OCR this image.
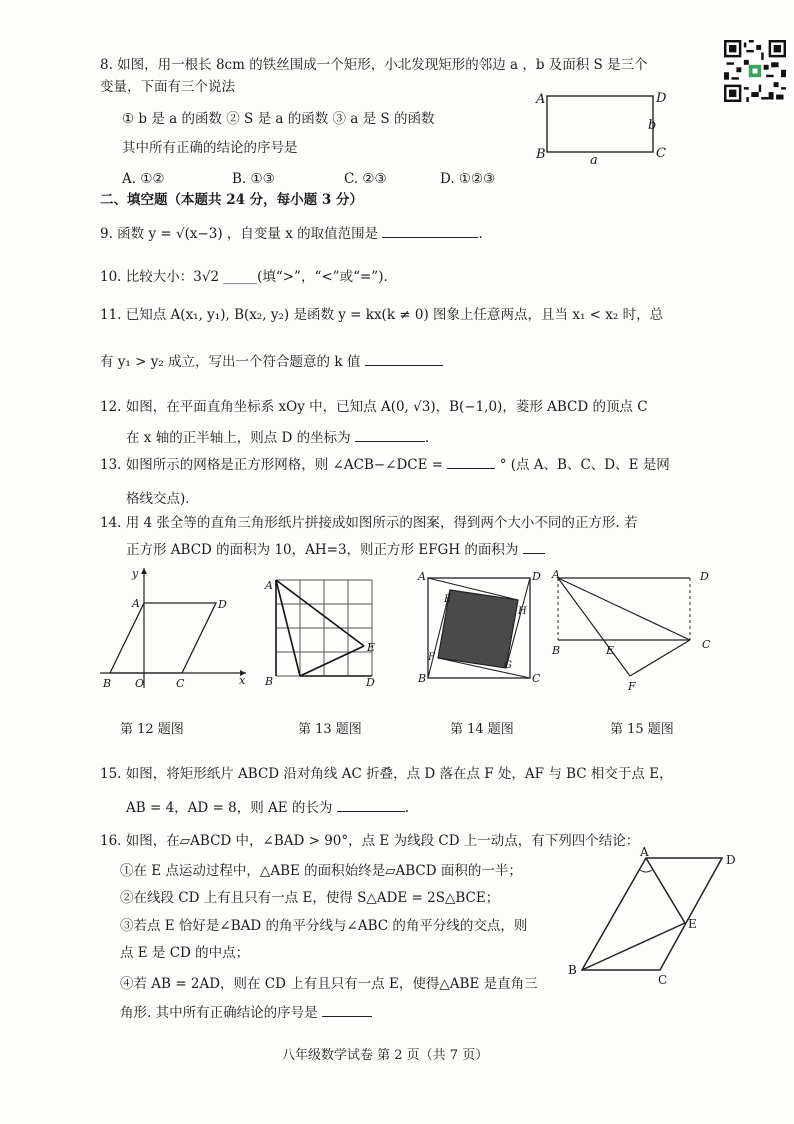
8. 如图，用一根长 8cm 的铁丝围成一个矩形，小北发现矩形的邻边 a ，b 及面积 S 是三个
变量，下面有三个说法
① b 是 a 的函数 ② S 是 a 的函数 ③ a 是 S 的函数
其中所有正确的结论的序号是
A. ①②	B. ①③	C. ②③	D. ①②③
A	D
B	C
b
a
二、填空题（本题共 24 分，每小题 3 分）
9. 函数 y = √(x−3) ，自变量 x 的取值范围是	.
10. 比较大小：3√2 _____(填“>”，“<”或“=”)．
11. 已知点 A(x₁, y₁), B(x₂, y₂) 是函数 y = kx(k ≠ 0) 图象上任意两点，且当 x₁ < x₂ 时，总
有 y₁ > y₂ 成立，写出一个符合题意的 k 值
12. 如图，在平面直角坐标系 xOy 中，已知点 A(0, √3)，B(−1,0)，菱形 ABCD 的顶点 C
在 x 轴的正半轴上，则点 D 的坐标为	.
13. 如图所示的网格是正方形网格，则 ∠ACB−∠DCE =	° (点 A、B、C、D、E 是网
格线交点)．
14. 用 4 张全等的直角三角形纸片拼接成如图所示的图案，得到两个大小不同的正方形. 若
正方形 ABCD 的面积为 10，AH=3，则正方形 EFGH 的面积为
y
x
A	D
B O	C
A
E
B	D
A	D
E
H
F
G
B	C
A	D
B	E	C
F
第 12 题图	第 13 题图	第 14 题图	第 15 题图
15. 如图，将矩形纸片 ABCD 沿对角线 AC 折叠，点 D 落在点 F 处，AF 与 BC 相交于点 E，
AB = 4，AD = 8，则 AE 的长为	.
16. 如图，在▱ABCD 中，∠BAD > 90°，点 E 为线段 CD 上一动点，有下列四个结论：
①在 E 点运动过程中，△ABE 的面积始终是▱ABCD 面积的一半；
②在线段 CD 上有且只有一点 E，使得 S△ADE = 2S△BCE；
③若点 E 恰好是∠BAD 的角平分线与∠ABC 的角平分线的交点，则
点 E 是 CD 的中点；
④若 AB = 2AD，则在 CD 上有且只有一点 E，使得△ABE 是直角三
角形. 其中所有正确结论的序号是
A
D
E
B
C
八年级数学试卷 第 2 页（共 7 页）
